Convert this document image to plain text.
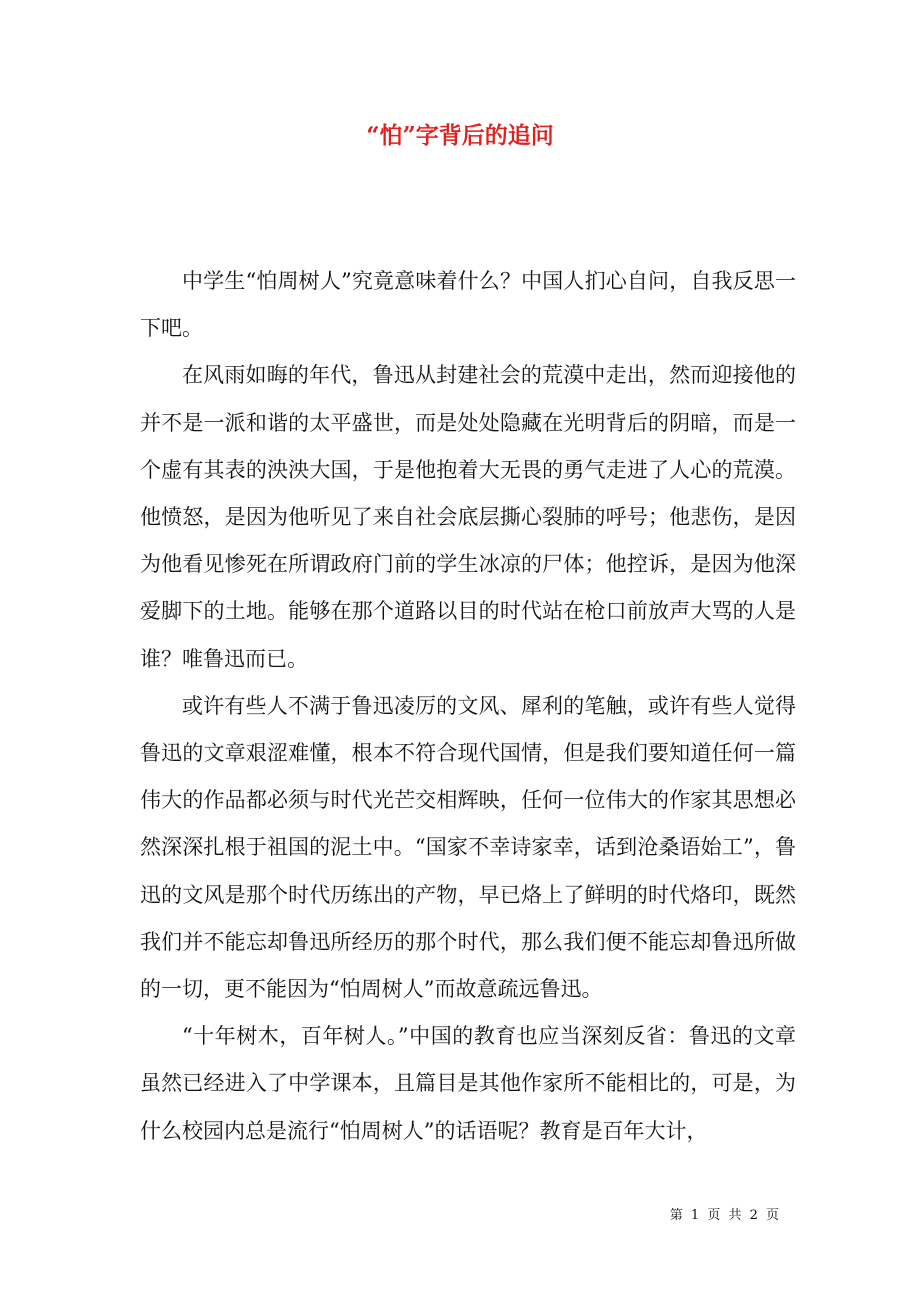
“怕”字背后的追问

中学生“怕周树人”究竟意味着什么？中国人扪心自问，自我反思一下吧。

在风雨如晦的年代，鲁迅从封建社会的荒漠中走出，然而迎接他的并不是一派和谐的太平盛世，而是处处隐藏在光明背后的阴暗，而是一个虚有其表的泱泱大国，于是他抱着大无畏的勇气走进了人心的荒漠。他愤怒，是因为他听见了来自社会底层撕心裂肺的呼号；他悲伤，是因为他看见惨死在所谓政府门前的学生冰凉的尸体；他控诉，是因为他深爱脚下的土地。能够在那个道路以目的时代站在枪口前放声大骂的人是谁？唯鲁迅而已。

或许有些人不满于鲁迅凌厉的文风、犀利的笔触，或许有些人觉得鲁迅的文章艰涩难懂，根本不符合现代国情，但是我们要知道任何一篇伟大的作品都必须与时代光芒交相辉映，任何一位伟大的作家其思想必然深深扎根于祖国的泥土中。“国家不幸诗家幸，话到沧桑语始工”，鲁迅的文风是那个时代历练出的产物，早已烙上了鲜明的时代烙印，既然我们并不能忘却鲁迅所经历的那个时代，那么我们便不能忘却鲁迅所做的一切，更不能因为“怕周树人”而故意疏远鲁迅。

“十年树木，百年树人。”中国的教育也应当深刻反省：鲁迅的文章虽然已经进入了中学课本，且篇目是其他作家所不能相比的，可是，为什么校园内总是流行“怕周树人”的话语呢？教育是百年大计，

第 1 页 共 2 页
